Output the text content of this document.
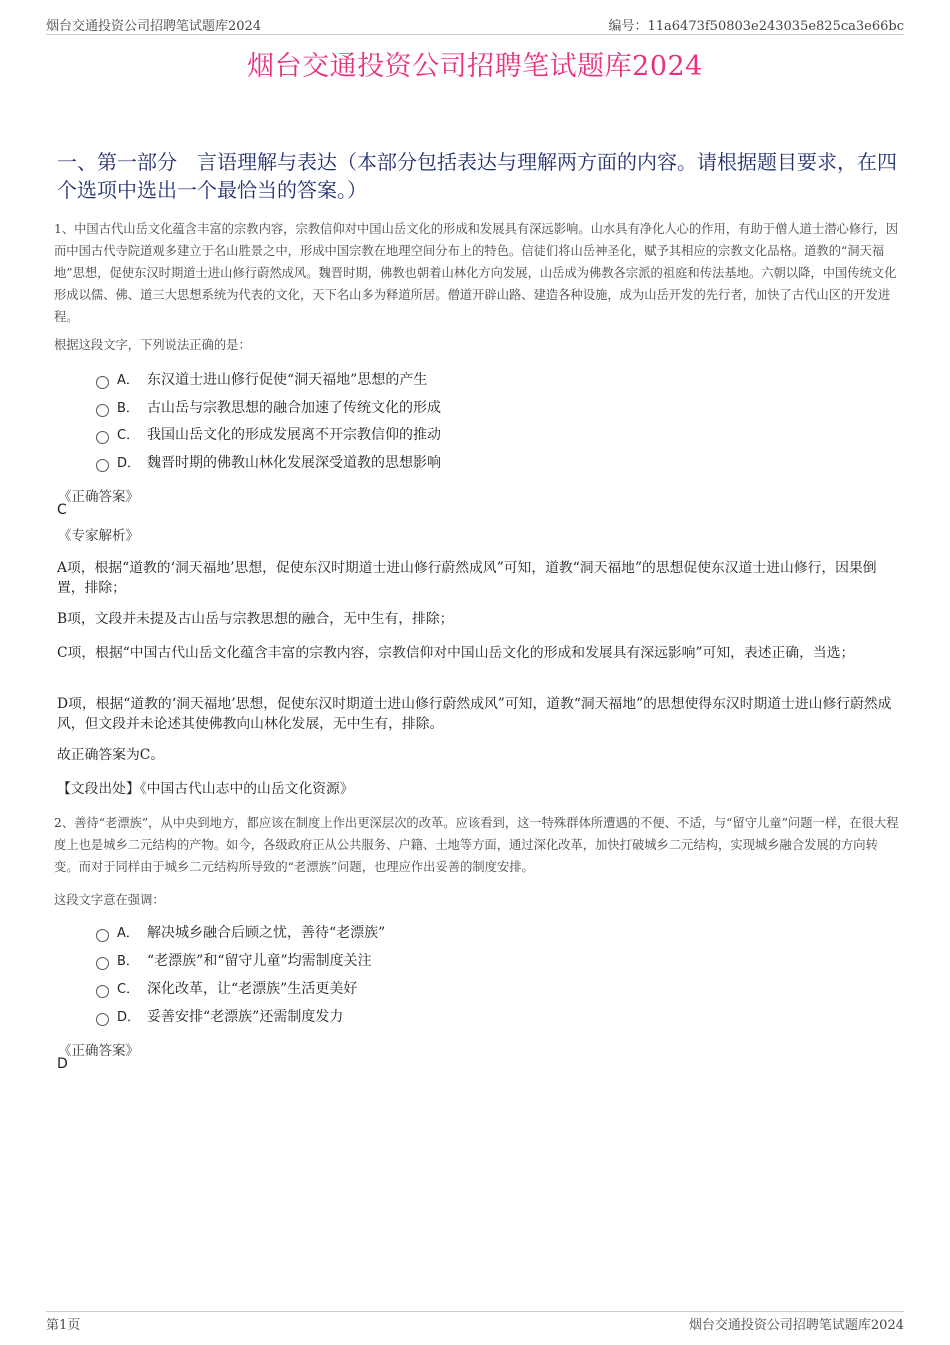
烟台交通投资公司招聘笔试题库2024	编号：11a6473f50803e243035e825ca3e66bc
烟台交通投资公司招聘笔试题库2024
一、第一部分　言语理解与表达（本部分包括表达与理解两方面的内容。请根据题目要求，在四个选项中选出一个最恰当的答案。）
1、中国古代山岳文化蕴含丰富的宗教内容，宗教信仰对中国山岳文化的形成和发展具有深远影响。山水具有净化人心的作用，有助于僧人道士潜心修行，因而中国古代寺院道观多建立于名山胜景之中，形成中国宗教在地理空间分布上的特色。信徒们将山岳神圣化，赋予其相应的宗教文化品格。道教的“洞天福地”思想，促使东汉时期道士进山修行蔚然成风。魏晋时期，佛教也朝着山林化方向发展，山岳成为佛教各宗派的祖庭和传法基地。六朝以降，中国传统文化形成以儒、佛、道三大思想系统为代表的文化，天下名山多为释道所居。僧道开辟山路、建造各种设施，成为山岳开发的先行者，加快了古代山区的开发进程。
根据这段文字，下列说法正确的是：
A． 东汉道士进山修行促使“洞天福地”思想的产生
B． 古山岳与宗教思想的融合加速了传统文化的形成
C． 我国山岳文化的形成发展离不开宗教信仰的推动
D． 魏晋时期的佛教山林化发展深受道教的思想影响
《正确答案》
C
《专家解析》
A项，根据“道教的‘洞天福地’思想，促使东汉时期道士进山修行蔚然成风”可知，道教“洞天福地”的思想促使东汉道士进山修行，因果倒置，排除；
B项，文段并未提及古山岳与宗教思想的融合，无中生有，排除；
C项，根据“中国古代山岳文化蕴含丰富的宗教内容，宗教信仰对中国山岳文化的形成和发展具有深远影响”可知，表述正确，当选；
D项，根据“道教的‘洞天福地’思想，促使东汉时期道士进山修行蔚然成风”可知，道教“洞天福地”的思想使得东汉时期道士进山修行蔚然成风，但文段并未论述其使佛教向山林化发展，无中生有，排除。
故正确答案为C。
【文段出处】《中国古代山志中的山岳文化资源》
2、善待“老漂族”，从中央到地方，都应该在制度上作出更深层次的改革。应该看到，这一特殊群体所遭遇的不便、不适，与“留守儿童”问题一样，在很大程度上也是城乡二元结构的产物。如今，各级政府正从公共服务、户籍、土地等方面，通过深化改革，加快打破城乡二元结构，实现城乡融合发展的方向转变。而对于同样由于城乡二元结构所导致的“老漂族”问题，也理应作出妥善的制度安排。
这段文字意在强调：
A． 解决城乡融合后顾之忧，善待“老漂族”
B． “老漂族”和“留守儿童”均需制度关注
C． 深化改革，让“老漂族”生活更美好
D． 妥善安排“老漂族”还需制度发力
《正确答案》
D
第1页	烟台交通投资公司招聘笔试题库2024
